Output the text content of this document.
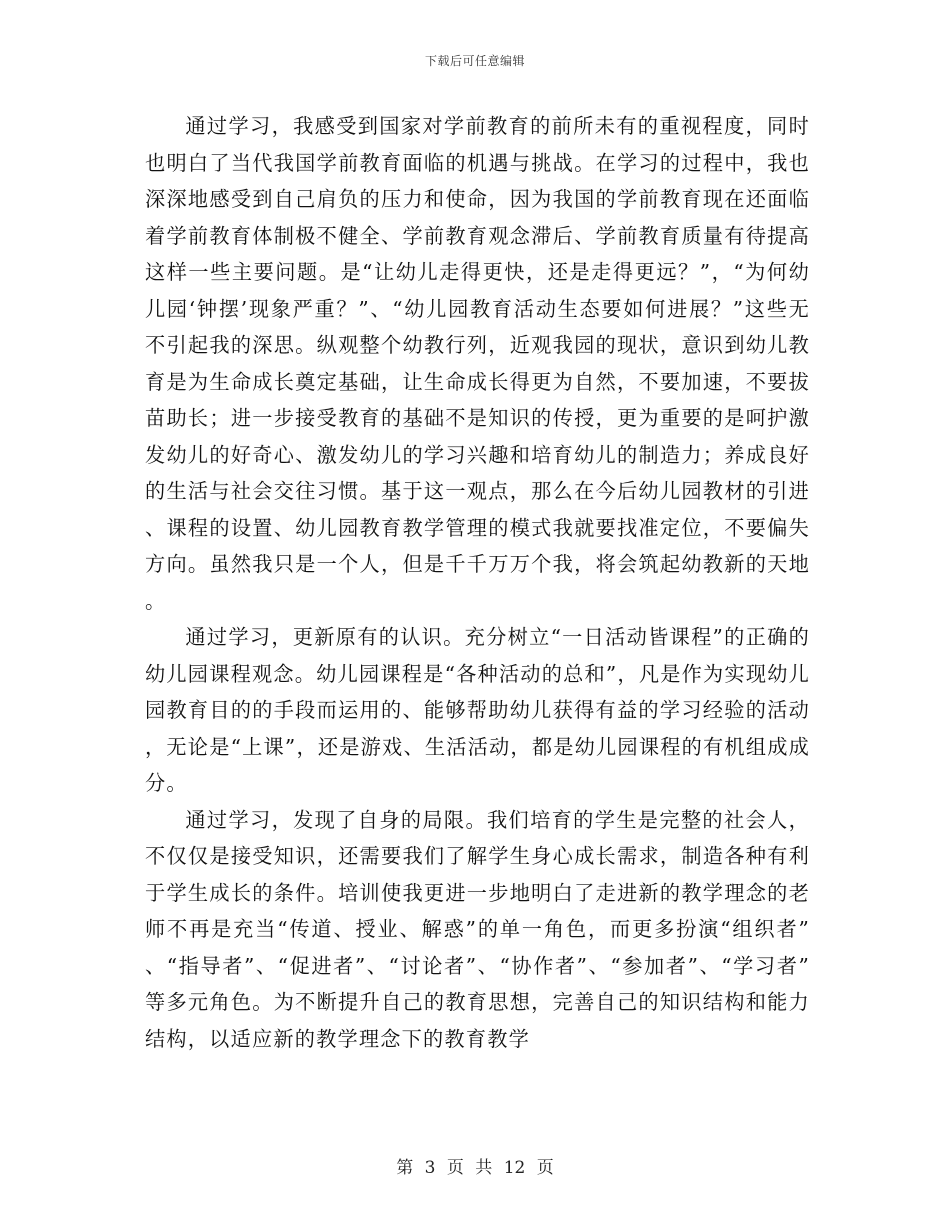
下载后可任意编辑

通过学习，我感受到国家对学前教育的前所未有的重视程度，同时也明白了当代我国学前教育面临的机遇与挑战。在学习的过程中，我也深深地感受到自己肩负的压力和使命，因为我国的学前教育现在还面临着学前教育体制极不健全、学前教育观念滞后、学前教育质量有待提高这样一些主要问题。是“让幼儿走得更快，还是走得更远？”，“为何幼儿园‘钟摆’现象严重？”、“幼儿园教育活动生态要如何进展？”这些无不引起我的深思。纵观整个幼教行列，近观我园的现状，意识到幼儿教育是为生命成长奠定基础，让生命成长得更为自然，不要加速，不要拔苗助长；进一步接受教育的基础不是知识的传授，更为重要的是呵护激发幼儿的好奇心、激发幼儿的学习兴趣和培育幼儿的制造力；养成良好的生活与社会交往习惯。基于这一观点，那么在今后幼儿园教材的引进、课程的设置、幼儿园教育教学管理的模式我就要找准定位，不要偏失方向。虽然我只是一个人，但是千千万万个我，将会筑起幼教新的天地。

通过学习，更新原有的认识。充分树立“一日活动皆课程”的正确的幼儿园课程观念。幼儿园课程是“各种活动的总和”，凡是作为实现幼儿园教育目的的手段而运用的、能够帮助幼儿获得有益的学习经验的活动，无论是“上课”，还是游戏、生活活动，都是幼儿园课程的有机组成成分。

通过学习，发现了自身的局限。我们培育的学生是完整的社会人，不仅仅是接受知识，还需要我们了解学生身心成长需求，制造各种有利于学生成长的条件。培训使我更进一步地明白了走进新的教学理念的老师不再是充当“传道、授业、解惑”的单一角色，而更多扮演“组织者”、“指导者”、“促进者”、“讨论者”、“协作者”、“参加者”、“学习者”等多元角色。为不断提升自己的教育思想，完善自己的知识结构和能力结构，以适应新的教学理念下的教育教学

第 3 页 共 12 页
